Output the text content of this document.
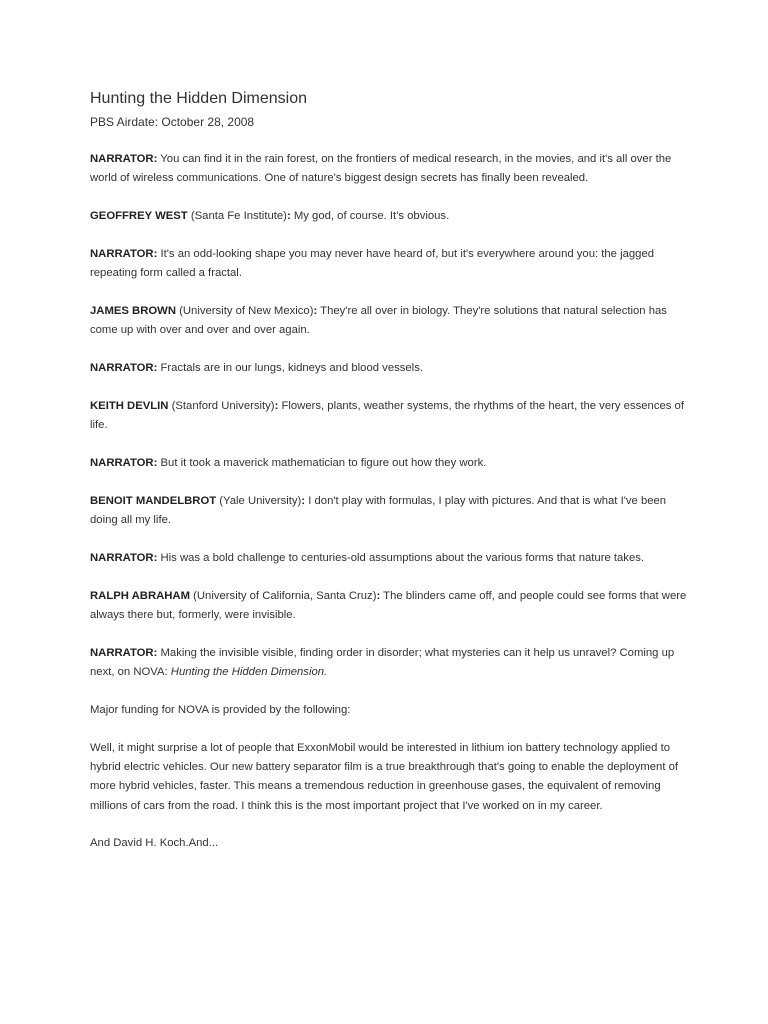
Hunting the Hidden Dimension

PBS Airdate: October 28, 2008

NARRATOR: You can find it in the rain forest, on the frontiers of medical research, in the movies, and it's all over the world of wireless communications. One of nature's biggest design secrets has finally been revealed.

GEOFFREY WEST (Santa Fe Institute): My god, of course. It's obvious.

NARRATOR: It's an odd-looking shape you may never have heard of, but it's everywhere around you: the jagged repeating form called a fractal.

JAMES BROWN (University of New Mexico): They're all over in biology. They're solutions that natural selection has come up with over and over and over again.

NARRATOR: Fractals are in our lungs, kidneys and blood vessels.

KEITH DEVLIN (Stanford University): Flowers, plants, weather systems, the rhythms of the heart, the very essences of life.

NARRATOR: But it took a maverick mathematician to figure out how they work.

BENOIT MANDELBROT (Yale University): I don't play with formulas, I play with pictures. And that is what I've been doing all my life.

NARRATOR: His was a bold challenge to centuries-old assumptions about the various forms that nature takes.

RALPH ABRAHAM (University of California, Santa Cruz): The blinders came off, and people could see forms that were always there but, formerly, were invisible.

NARRATOR: Making the invisible visible, finding order in disorder; what mysteries can it help us unravel? Coming up next, on NOVA: Hunting the Hidden Dimension.

Major funding for NOVA is provided by the following:

Well, it might surprise a lot of people that ExxonMobil would be interested in lithium ion battery technology applied to hybrid electric vehicles. Our new battery separator film is a true breakthrough that's going to enable the deployment of more hybrid vehicles, faster. This means a tremendous reduction in greenhouse gases, the equivalent of removing millions of cars from the road. I think this is the most important project that I've worked on in my career.

And David H. Koch.And...
